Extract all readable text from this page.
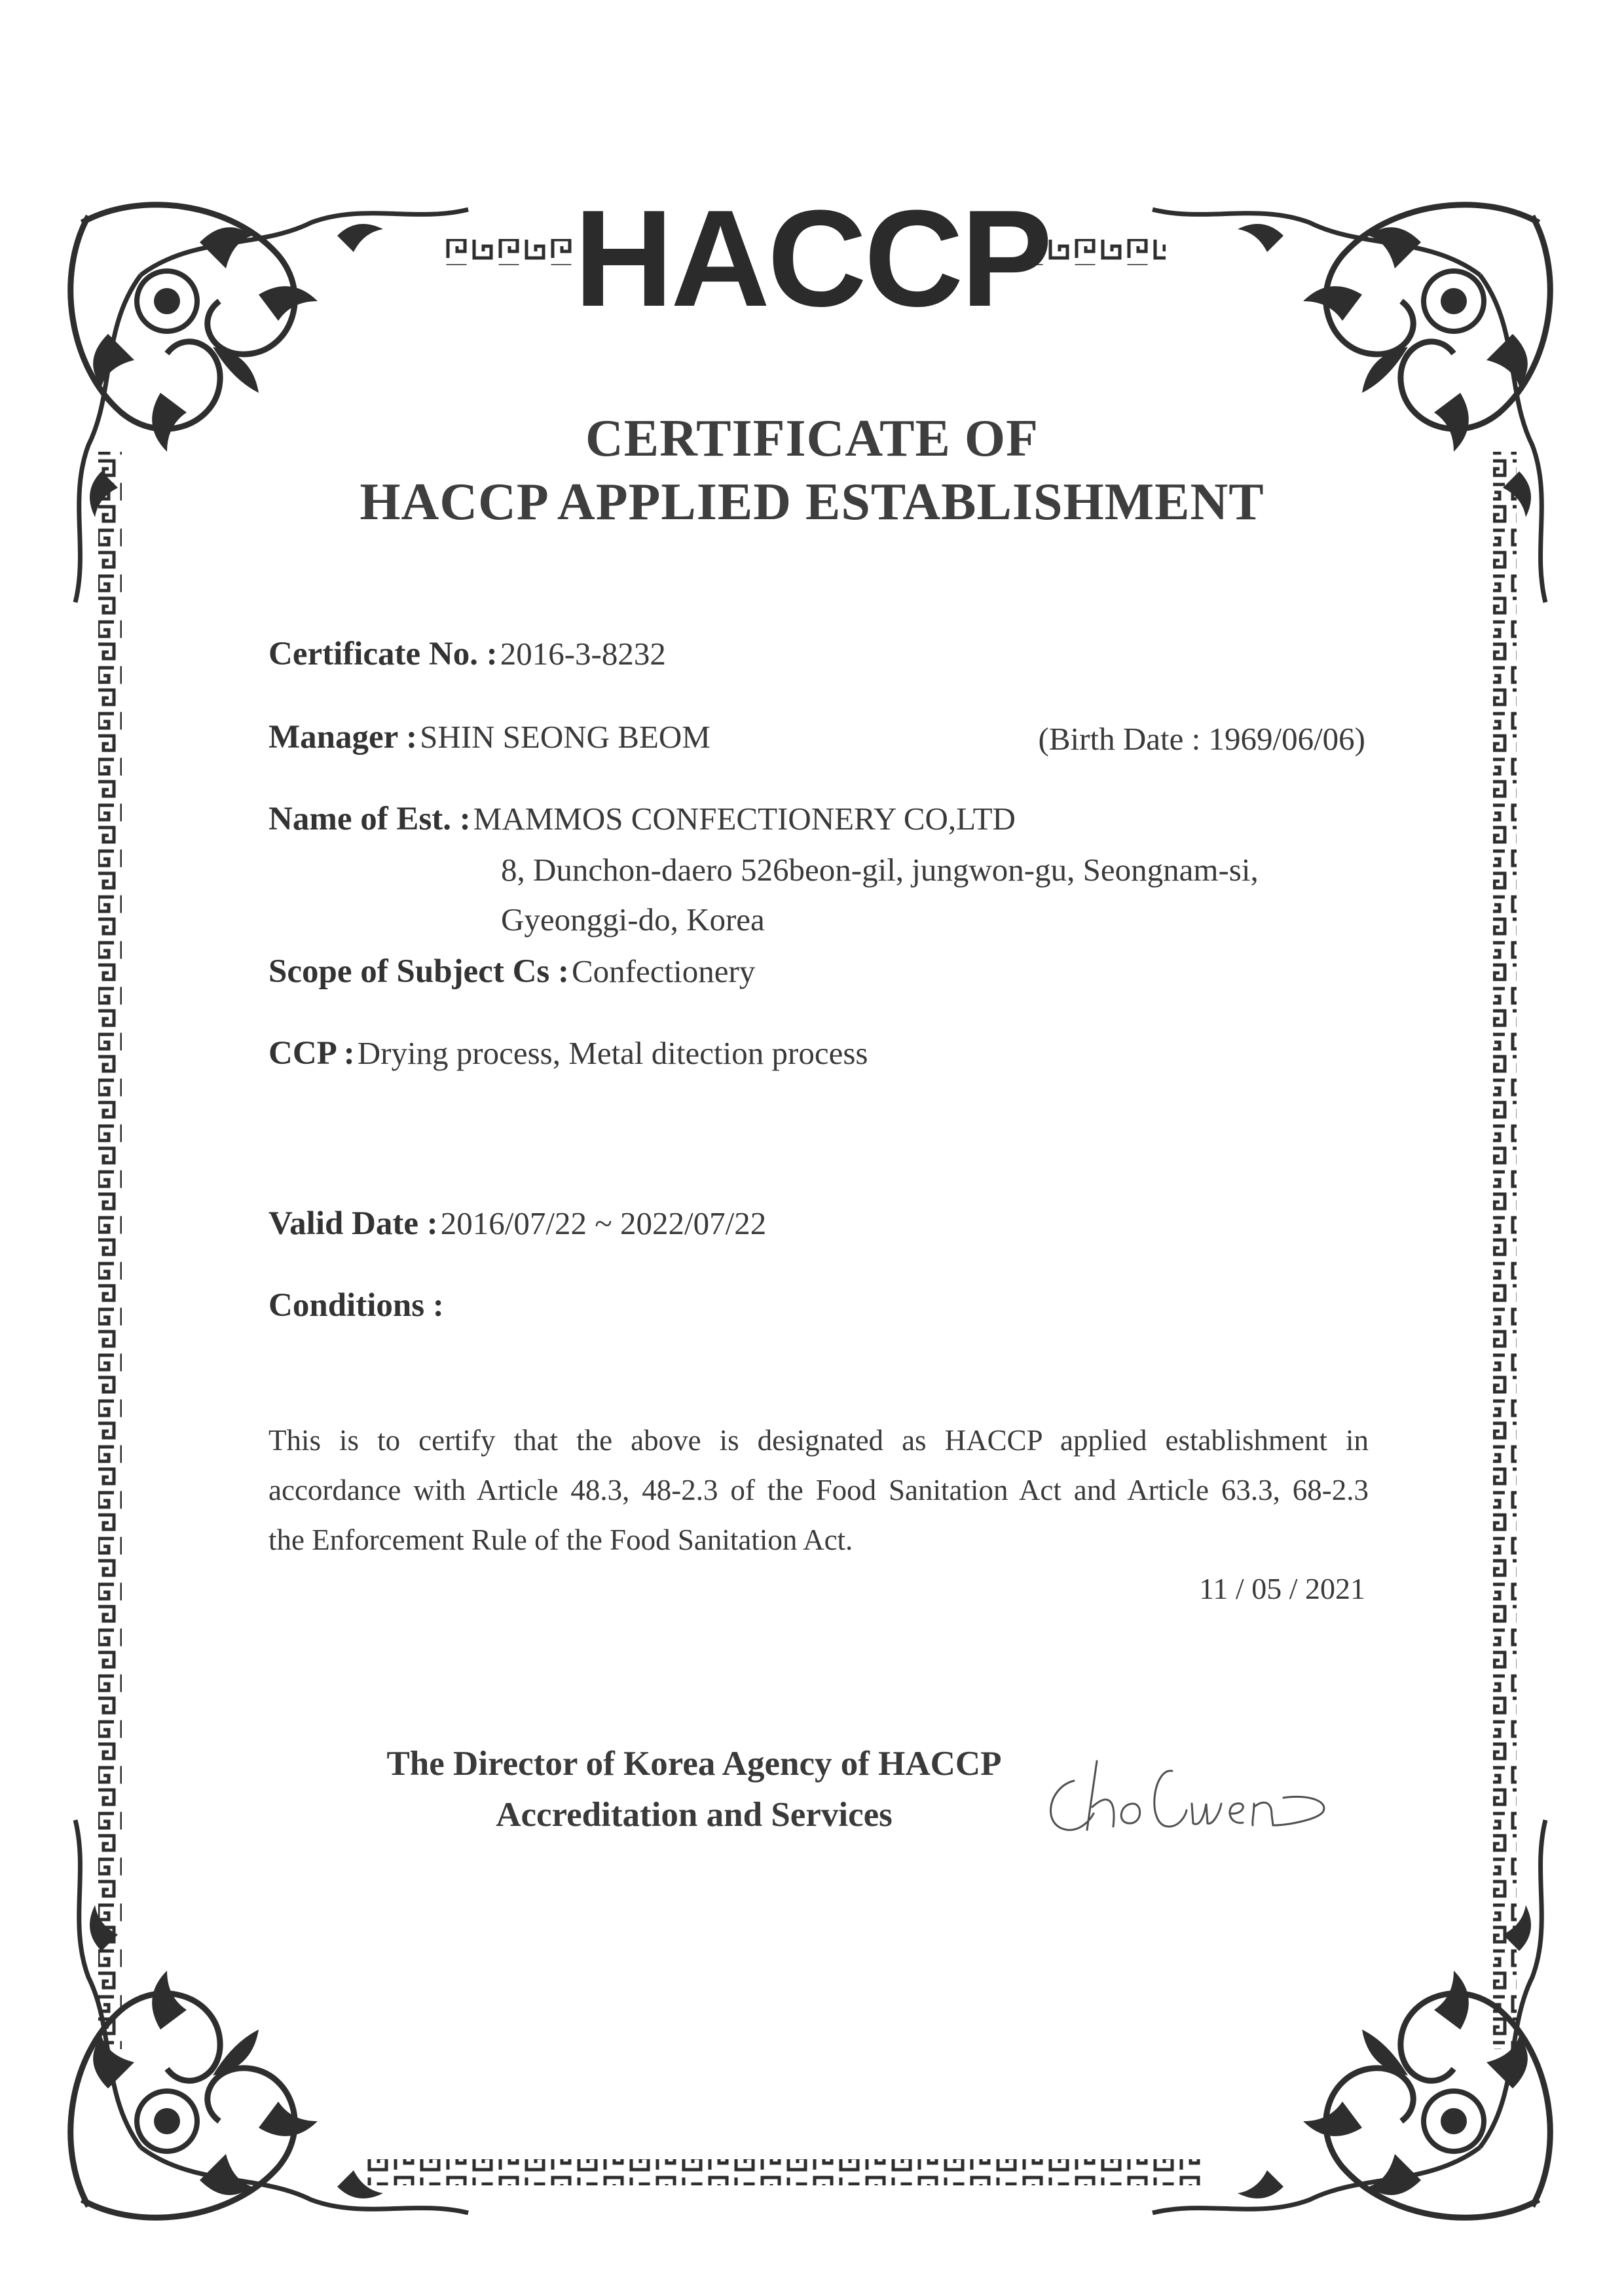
HACCP
CERTIFICATE OF
HACCP APPLIED ESTABLISHMENT
Certificate No. : 2016-3-8232
Manager : SHIN SEONG BEOM	(Birth Date : 1969/06/06)
Name of Est. : MAMMOS CONFECTIONERY CO,LTD
8, Dunchon-daero 526beon-gil, jungwon-gu, Seongnam-si,
Gyeonggi-do, Korea
Scope of Subject Cs : Confectionery
CCP : Drying process, Metal ditection process
Valid Date : 2016/07/22 ~ 2022/07/22
Conditions :
This is to certify that the above is designated as HACCP applied establishment in
accordance with Article 48.3, 48-2.3 of the Food Sanitation Act and Article 63.3, 68-2.3
the Enforcement Rule of the Food Sanitation Act.
11 / 05 / 2021
The Director of Korea Agency of HACCP
Accreditation and Services
